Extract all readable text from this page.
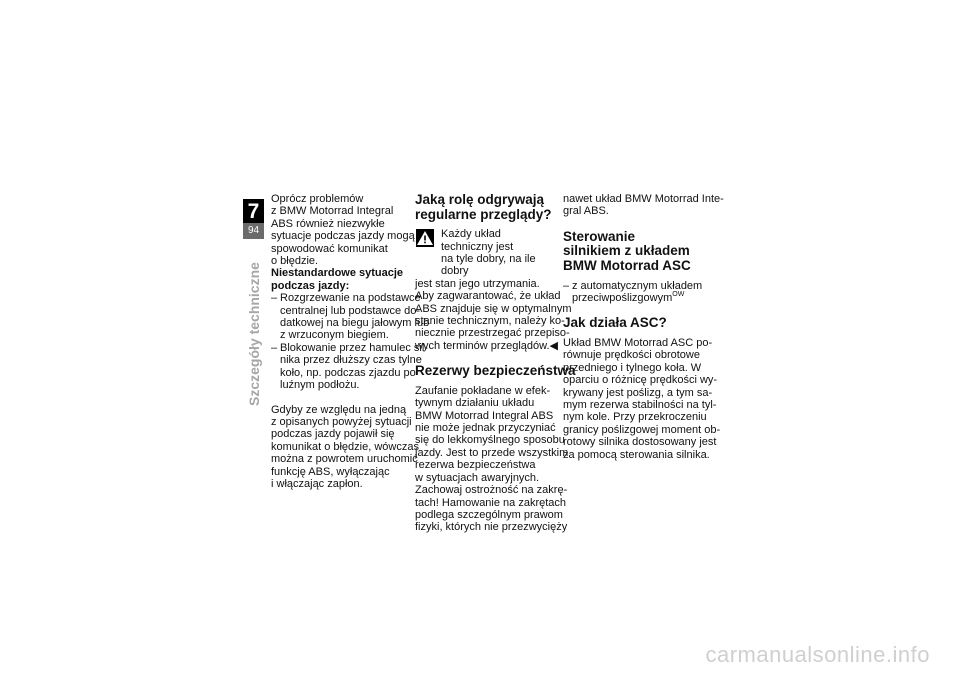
7
94
Szczegóły techniczne
Oprócz problemów
z BMW Motorrad Integral
ABS również niezwykłe
sytuacje podczas jazdy mogą
spowodować komunikat
o błędzie.
Niestandardowe sytuacje
podczas jazdy:
– Rozgrzewanie na podstawce
centralnej lub podstawce do-
datkowej na biegu jałowym lub
z wrzuconym biegiem.
– Blokowanie przez hamulec sil-
nika przez dłuższy czas tylne
koło, np. podczas zjazdu po
luźnym podłożu.
Gdyby ze względu na jedną
z opisanych powyżej sytuacji
podczas jazdy pojawił się
komunikat o błędzie, wówczas
można z powrotem uruchomić
funkcję ABS, wyłączając
i włączając zapłon.
Jaką rolę odgrywają
regularne przeglądy?
Każdy układ techniczny jest
na tyle dobry, na ile dobry
jest stan jego utrzymania.
Aby zagwarantować, że układ
ABS znajduje się w optymalnym
stanie technicznym, należy ko-
niecznie przestrzegać przepiso-
wych terminów przeglądów.◀
Rezerwy bezpieczeństwa
Zaufanie pokładane w efek-
tywnym działaniu układu
BMW Motorrad Integral ABS
nie może jednak przyczyniać
się do lekkomyślnego sposobu
jazdy. Jest to przede wszystkim
rezerwa bezpieczeństwa
w sytuacjach awaryjnych.
Zachowaj ostrożność na zakrę-
tach! Hamowanie na zakrętach
podlega szczególnym prawom
fizyki, których nie przezwycięży
nawet układ BMW Motorrad Inte-
gral ABS.
Sterowanie
silnikiem z układem
BMW Motorrad ASC
– z automatycznym układem
przeciwpoślizgowym$^{OW}$
Jak działa ASC?
Układ BMW Motorrad ASC po-
równuje prędkości obrotowe
przedniego i tylnego koła. W
oparciu o różnicę prędkości wy-
krywany jest poślizg, a tym sa-
mym rezerwa stabilności na tyl-
nym kole. Przy przekroczeniu
granicy poślizgowej moment ob-
rotowy silnika dostosowany jest
za pomocą sterowania silnika.
carmanualsonline.info
